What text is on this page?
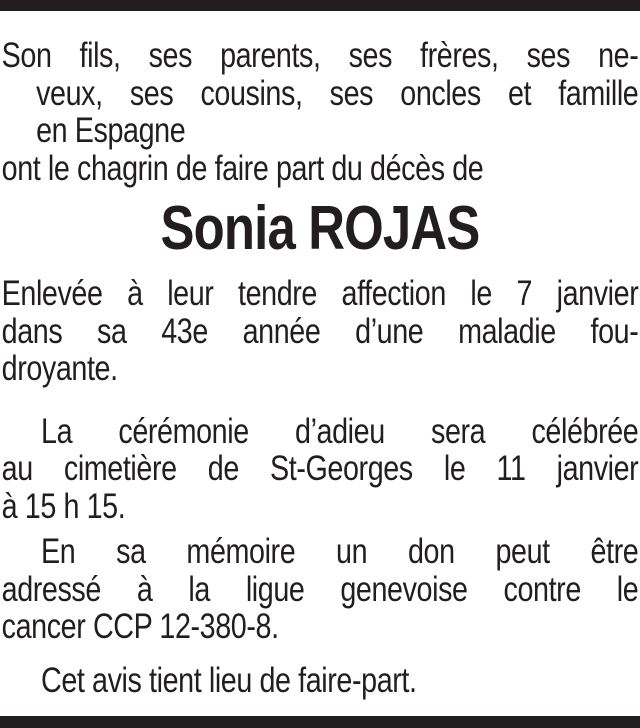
Son fils, ses parents, ses frères, ses ne-
veux, ses cousins, ses oncles et famille
en Espagne
ont le chagrin de faire part du décès de
Sonia ROJAS
Enlevée à leur tendre affection le 7 janvier
dans sa 43e année d’une maladie fou-
droyante.
La cérémonie d’adieu sera célébrée
au cimetière de St-Georges le 11 janvier
à 15 h 15.
En sa mémoire un don peut être
adressé à la ligue genevoise contre le
cancer CCP 12-380-8.
Cet avis tient lieu de faire-part.
